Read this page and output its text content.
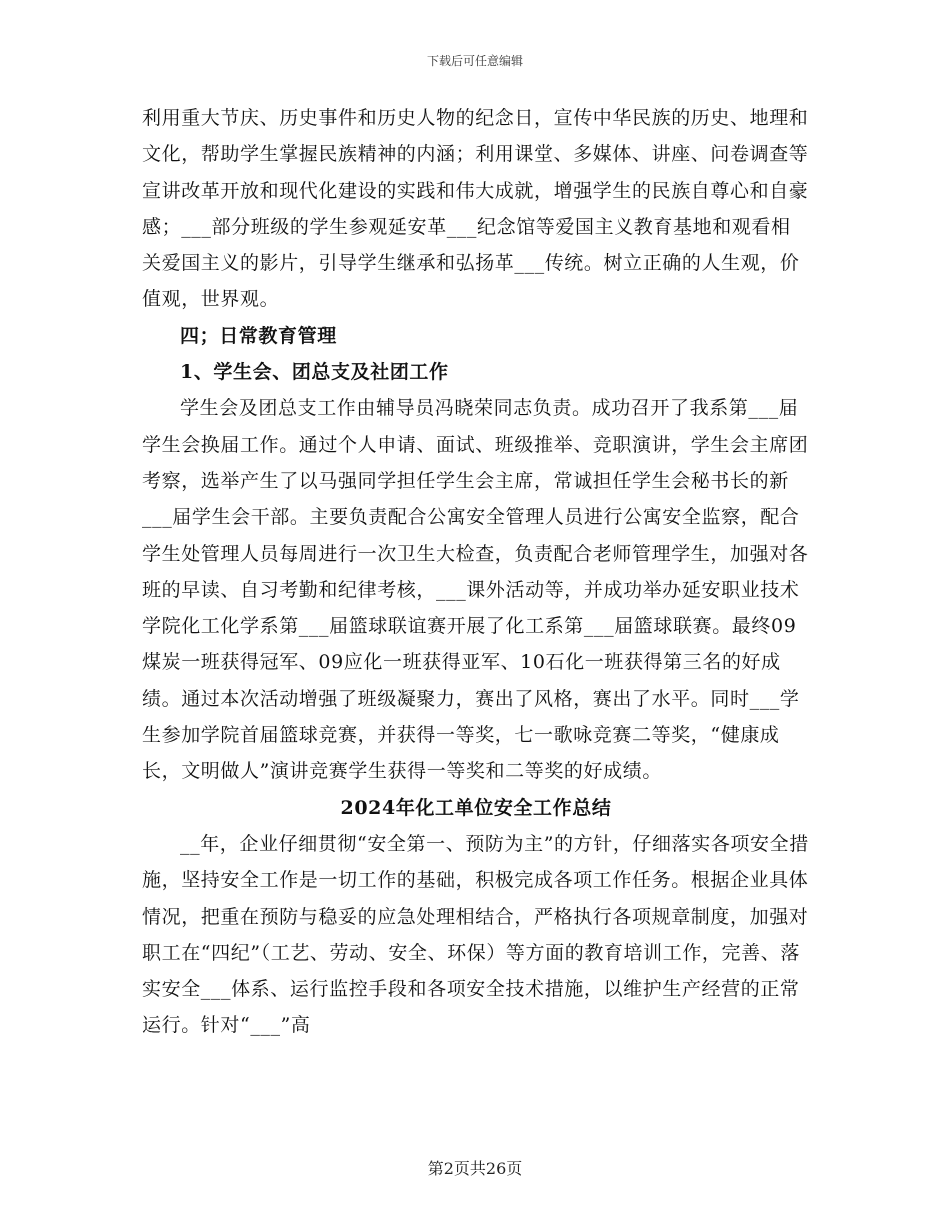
下载后可任意编辑

利用重大节庆、历史事件和历史人物的纪念日，宣传中华民族的历史、地理和文化，帮助学生掌握民族精神的内涵；利用课堂、多媒体、讲座、问卷调查等宣讲改革开放和现代化建设的实践和伟大成就，增强学生的民族自尊心和自豪感；___部分班级的学生参观延安革___纪念馆等爱国主义教育基地和观看相关爱国主义的影片，引导学生继承和弘扬革___传统。树立正确的人生观，价值观，世界观。

四；日常教育管理

1、学生会、团总支及社团工作

学生会及团总支工作由辅导员冯晓荣同志负责。成功召开了我系第___届学生会换届工作。通过个人申请、面试、班级推举、竞职演讲，学生会主席团考察，选举产生了以马强同学担任学生会主席，常诚担任学生会秘书长的新___届学生会干部。主要负责配合公寓安全管理人员进行公寓安全监察，配合学生处管理人员每周进行一次卫生大检查，负责配合老师管理学生，加强对各班的早读、自习考勤和纪律考核，___课外活动等，并成功举办延安职业技术学院化工化学系第___届篮球联谊赛开展了化工系第___届篮球联赛。最终09煤炭一班获得冠军、09应化一班获得亚军、10石化一班获得第三名的好成绩。通过本次活动增强了班级凝聚力，赛出了风格，赛出了水平。同时___学生参加学院首届篮球竞赛，并获得一等奖，七一歌咏竞赛二等奖，“健康成长，文明做人”演讲竞赛学生获得一等奖和二等奖的好成绩。

2024年化工单位安全工作总结

__年，企业仔细贯彻“安全第一、预防为主”的方针，仔细落实各项安全措施，坚持安全工作是一切工作的基础，积极完成各项工作任务。根据企业具体情况，把重在预防与稳妥的应急处理相结合，严格执行各项规章制度，加强对职工在“四纪”（工艺、劳动、安全、环保）等方面的教育培训工作，完善、落实安全___体系、运行监控手段和各项安全技术措施，以维护生产经营的正常运行。针对“___”高

第2页共26页
